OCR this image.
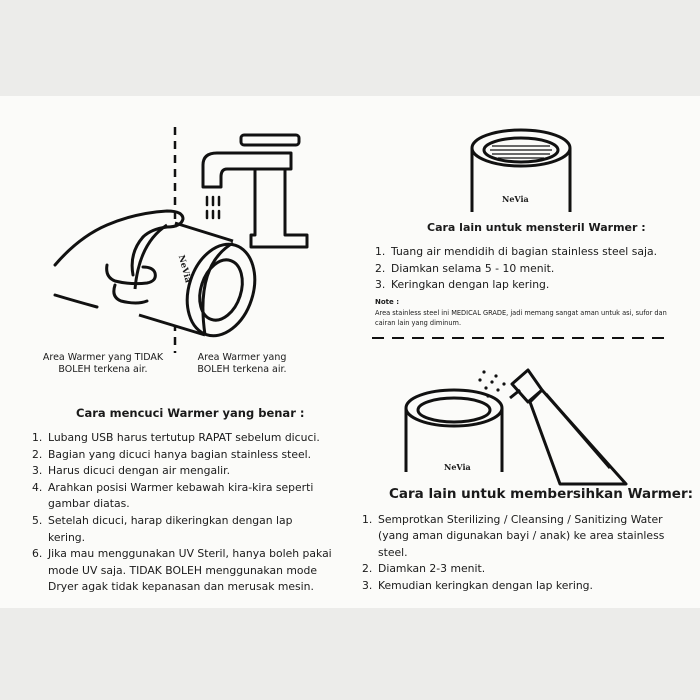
NeVia
Area Warmer yang TIDAK BOLEH terkena air.
Area Warmer yang BOLEH terkena air.
Cara mencuci Warmer yang benar :
1. Lubang USB harus tertutup RAPAT sebelum dicuci.
2. Bagian yang dicuci hanya bagian stainless steel.
3. Harus dicuci dengan air mengalir.
4. Arahkan posisi Warmer kebawah kira-kira seperti gambar diatas.
5. Setelah dicuci, harap dikeringkan dengan lap kering.
6. Jika mau menggunakan UV Steril, hanya boleh pakai mode UV saja. TIDAK BOLEH menggunakan mode Dryer agak tidak kepanasan dan merusak mesin.
NeVia
Cara lain untuk mensteril Warmer :
1. Tuang air mendidih di bagian stainless steel saja.
2. Diamkan selama 5 - 10 menit.
3. Keringkan dengan lap kering.
Note :
Area stainless steel ini MEDICAL GRADE, jadi memang sangat aman untuk asi, sufor dan cairan lain yang diminum.
NeVia
Cara lain untuk membersihkan Warmer:
1. Semprotkan Sterilizing / Cleansing / Sanitizing Water (yang aman digunakan bayi / anak) ke area stainless steel.
2. Diamkan 2-3 menit.
3. Kemudian keringkan dengan lap kering.
